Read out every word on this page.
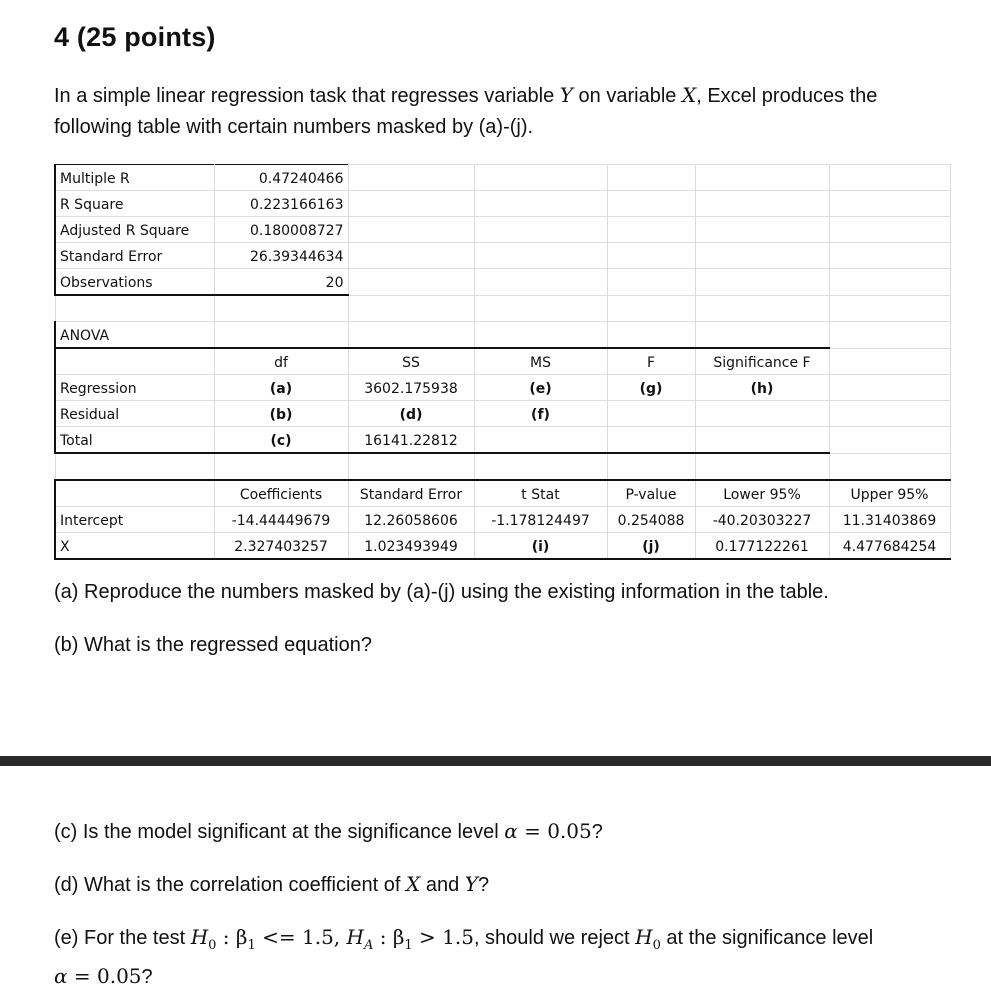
4 (25 points)

In a simple linear regression task that regresses variable Y on variable X, Excel produces the
following table with certain numbers masked by (a)-(j).

Multiple R	0.47240466					
R Square	0.223166163					
Adjusted R Square	0.180008727					
Standard Error	26.39344634					
Observations	20					

ANOVA						
	df	SS	MS	F	Significance F	
Regression	(a)	3602.175938	(e)	(g)	(h)	
Residual	(b)	(d)	(f)			
Total	(c)	16141.22812				

	Coefficients	Standard Error	t Stat	P-value	Lower 95%	Upper 95%
Intercept	-14.44449679	12.26058606	-1.178124497	0.254088	-40.20303227	11.31403869
X	2.327403257	1.023493949	(i)	(j)	0.177122261	4.477684254

(a) Reproduce the numbers masked by (a)-(j) using the existing information in the table.

(b) What is the regressed equation?

(c) Is the model significant at the significance level α = 0.05?

(d) What is the correlation coefficient of X and Y?

(e) For the test $H_0$ : $\beta_1 <= 1.5$, $H_A$ : $\beta_1 > 1.5$, should we reject $H_0$ at the significance level
α = 0.05?
